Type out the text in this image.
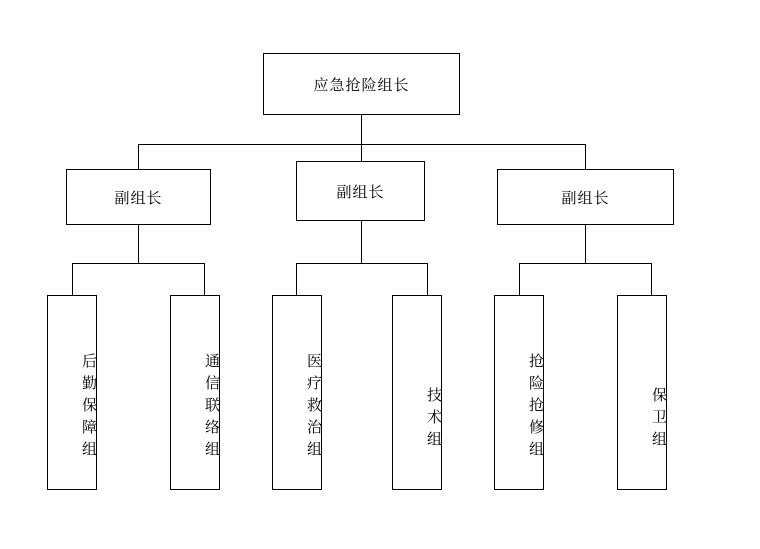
应急抢险组长
副组长	副组长	副组长
后勤保障组	通信联络组	医疗救治组	技术组	抢险抢修组	保卫组
